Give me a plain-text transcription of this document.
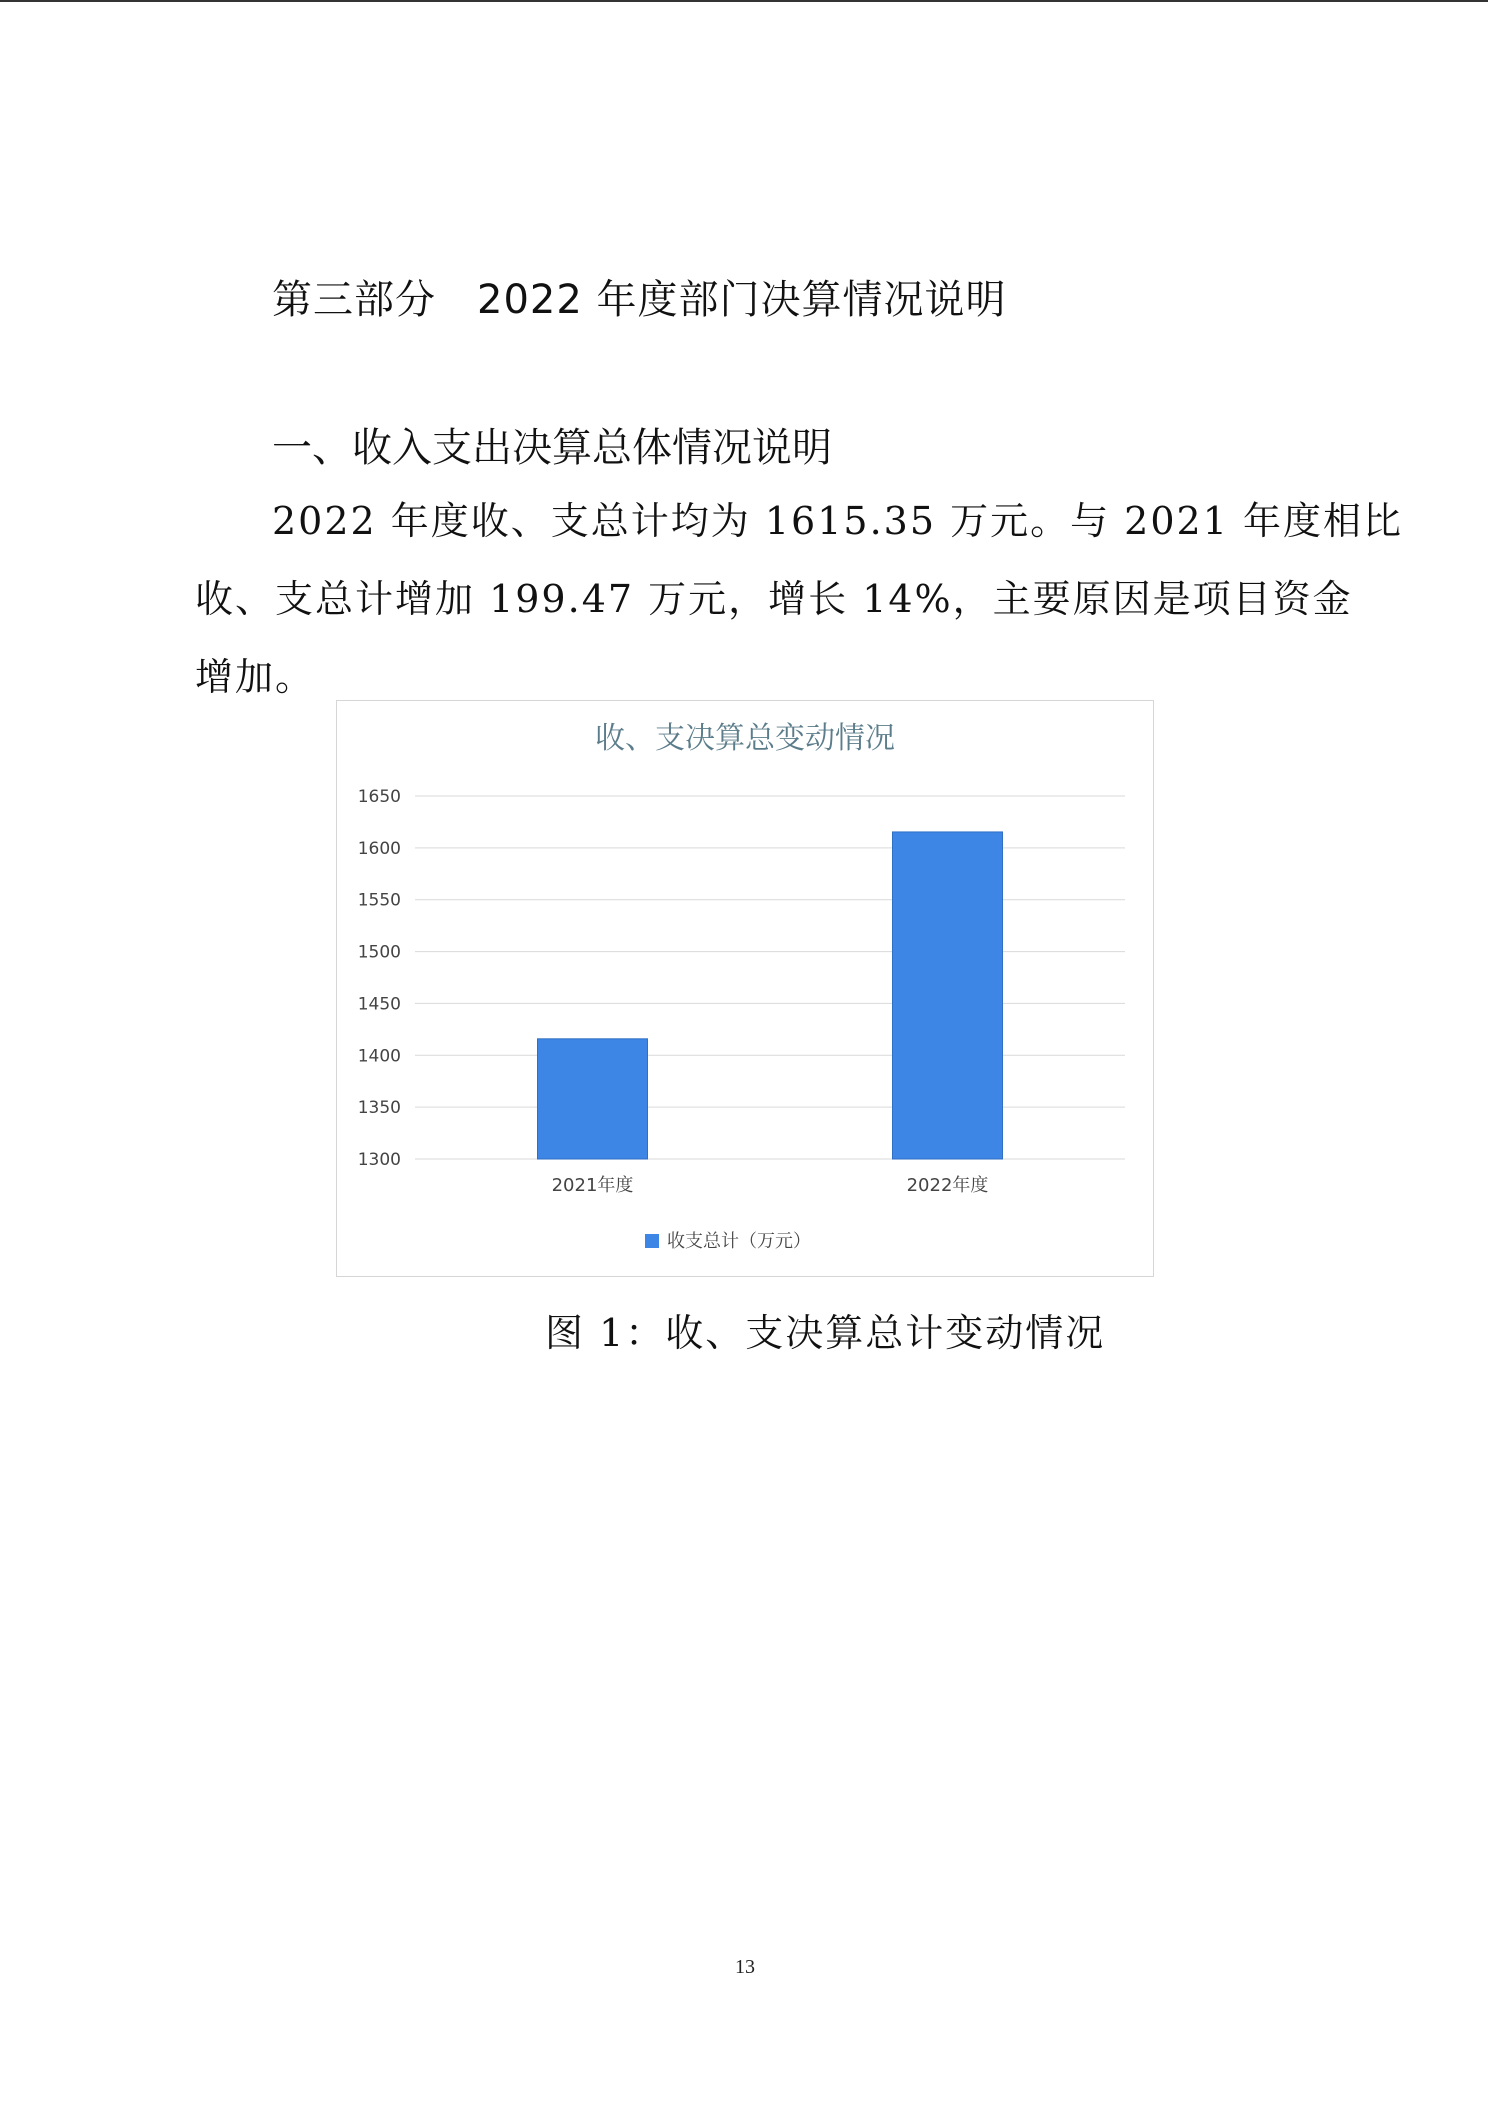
第三部分　2022 年度部门决算情况说明
一、收入支出决算总体情况说明
2022 年度收、支总计均为 1615.35 万元。与 2021 年度相比
收、支总计增加 199.47 万元，增长 14%，主要原因是项目资金
增加。
收、支决算总变动情况
1300
1350
1400
1450
1500
1550
1600
1650
2021年度	2022年度
收支总计（万元）
图 1：收、支决算总计变动情况
13
